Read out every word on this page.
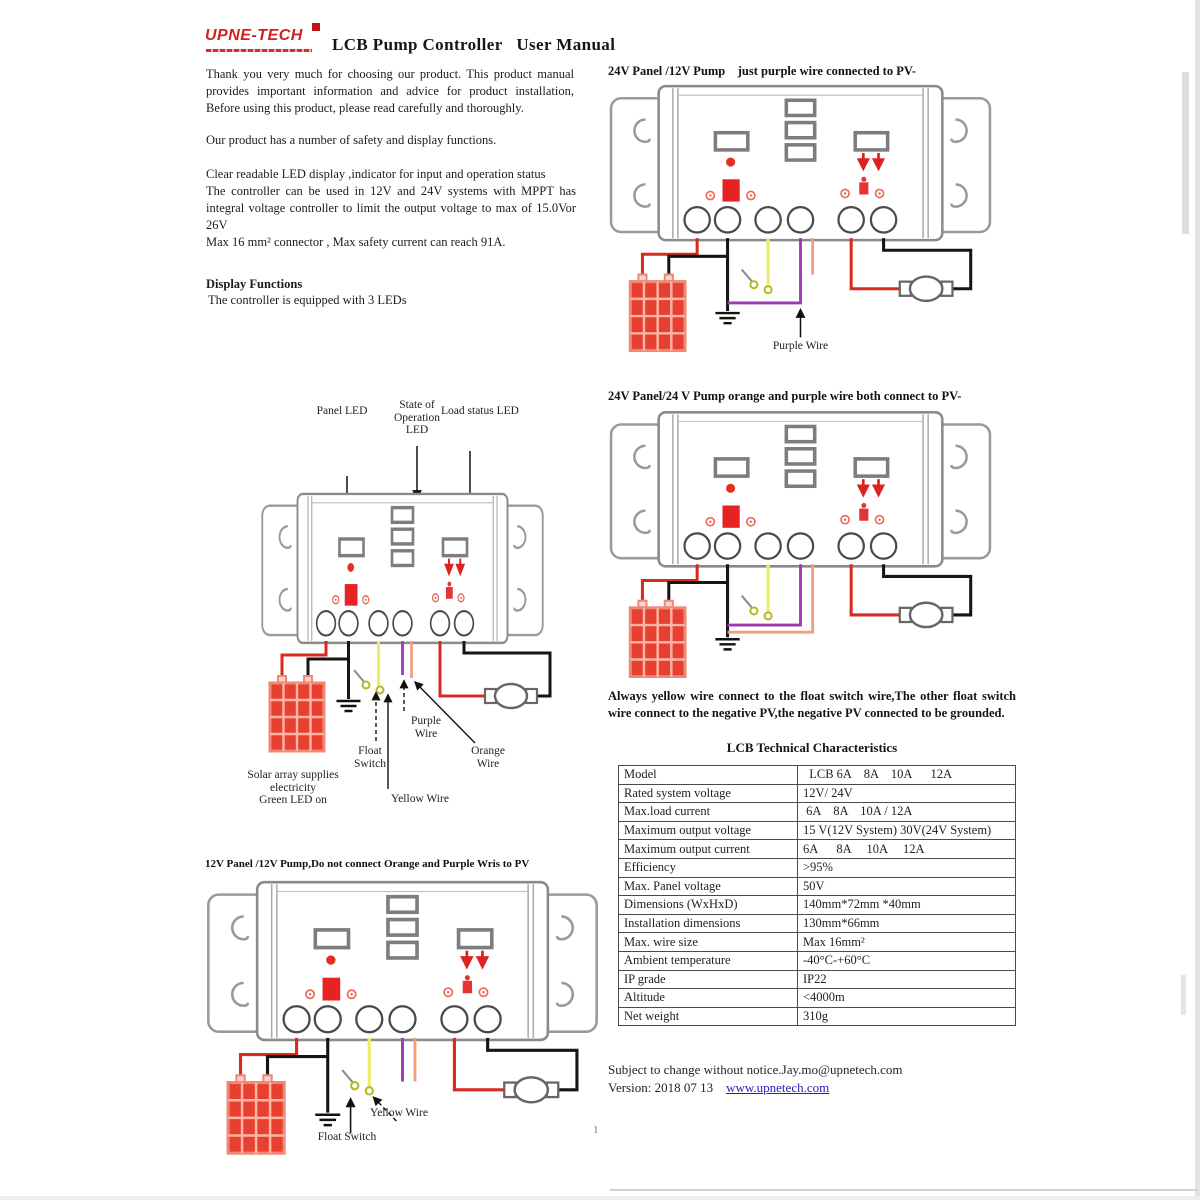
UPNE-TECH LCB Pump Controller   User Manual
Thank you very much for choosing our product. This product manual provides important information and advice for product installation, Before using this product, please read carefully and thoroughly.
Our product has a number of safety and display functions.
Clear readable LED display ,indicator for input and operation status
The controller can be used in 12V and 24V systems with MPPT has integral voltage controller to limit the output voltage to max of 15.0Vor 26V
Max 16 mm² connector , Max safety current can reach 91A.
Display Functions
The controller is equipped with 3 LEDs
24V Panel /12V Pump    just purple wire connected to PV-
Purple Wire
24V Panel/24 V Pump orange and purple wire both connect to PV-
Panel LED	State of Operation LED
Load status LED
Float Switch
Purple Wire
Orange Wire
Yellow Wire
Solar array supplies
electricity
Green LED on
12V Panel /12V Pump,Do not connect Orange and Purple Wris to PV
Yellow Wire
Float Switch
Always yellow wire connect to the float switch wire,The other float switch wire connect to the negative PV,the negative PV connected to be grounded.
LCB Technical Characteristics
Model	LCB 6A    8A    10A      12A
Rated system voltage	12V/ 24V
Max.load current	6A    8A    10A / 12A
Maximum output voltage	15 V(12V System) 30V(24V System)
Maximum output current	6A      8A     10A     12A
Efficiency	>95%
Max. Panel voltage	50V
Dimensions (WxHxD)	140mm*72mm *40mm
Installation dimensions	130mm*66mm
Max. wire size	Max 16mm²
Ambient temperature	-40°C-+60°C
IP grade	IP22
Altitude	<4000m
Net weight	310g
Subject to change without notice.Jay.mo@upnetech.com
Version: 2018 07 13    www.upnetech.com
1
